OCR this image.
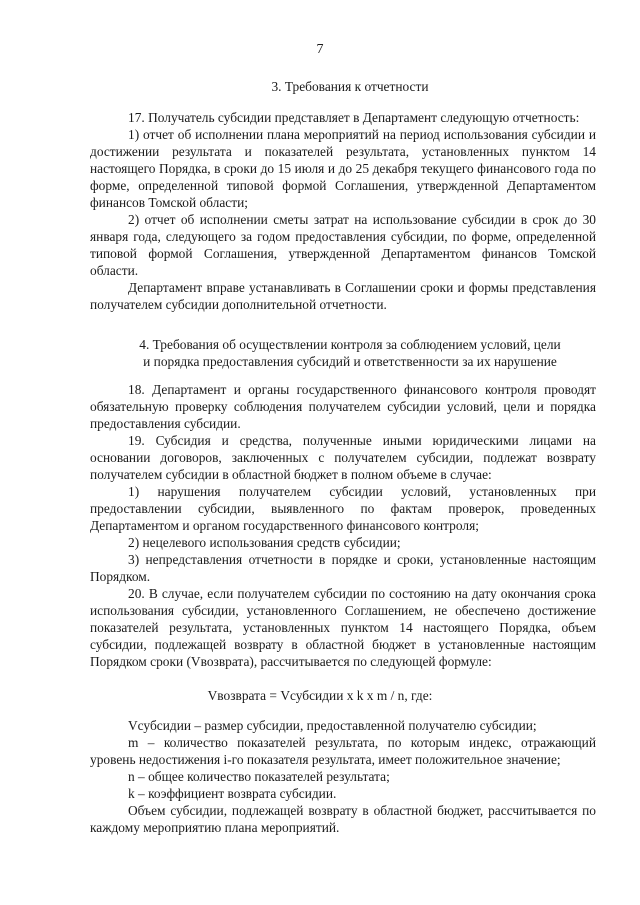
7
3. Требования к отчетности

17. Получатель субсидии представляет в Департамент следующую отчетность:

1) отчет об исполнении плана мероприятий на период использования субсидии и достижении результата и показателей результата, установленных пунктом 14 настоящего Порядка, в сроки до 15 июля и до 25 декабря текущего финансового года по форме, определенной типовой формой Соглашения, утвержденной Департаментом финансов Томской области;

2) отчет об исполнении сметы затрат на использование субсидии в срок до 30 января года, следующего за годом предоставления субсидии, по форме, определенной типовой формой Соглашения, утвержденной Департаментом финансов Томской области.

Департамент вправе устанавливать в Соглашении сроки и формы представления получателем субсидии дополнительной отчетности.

4. Требования об осуществлении контроля за соблюдением условий, цели
и порядка предоставления субсидий и ответственности за их нарушение

18. Департамент и органы государственного финансового контроля проводят обязательную проверку соблюдения получателем субсидии условий, цели и порядка предоставления субсидии.

19. Субсидия и средства, полученные иными юридическими лицами на основании договоров, заключенных с получателем субсидии, подлежат возврату получателем субсидии в областной бюджет в полном объеме в случае:

1) нарушения получателем субсидии условий, установленных при предоставлении субсидии, выявленного по фактам проверок, проведенных Департаментом и органом государственного финансового контроля;

2) нецелевого использования средств субсидии;

3) непредставления отчетности в порядке и сроки, установленные настоящим Порядком.

20. В случае, если получателем субсидии по состоянию на дату окончания срока использования субсидии, установленного Соглашением, не обеспечено достижение показателей результата, установленных пунктом 14 настоящего Порядка, объем субсидии, подлежащей возврату в областной бюджет в установленные настоящим Порядком сроки (Vвозврата), рассчитывается по следующей формуле:

Vвозврата = Vсубсидии x k x m / n, где:

Vсубсидии – размер субсидии, предоставленной получателю субсидии;

m – количество показателей результата, по которым индекс, отражающий уровень недостижения i-го показателя результата, имеет положительное значение;

n – общее количество показателей результата;

k – коэффициент возврата субсидии.

Объем субсидии, подлежащей возврату в областной бюджет, рассчитывается по каждому мероприятию плана мероприятий.
